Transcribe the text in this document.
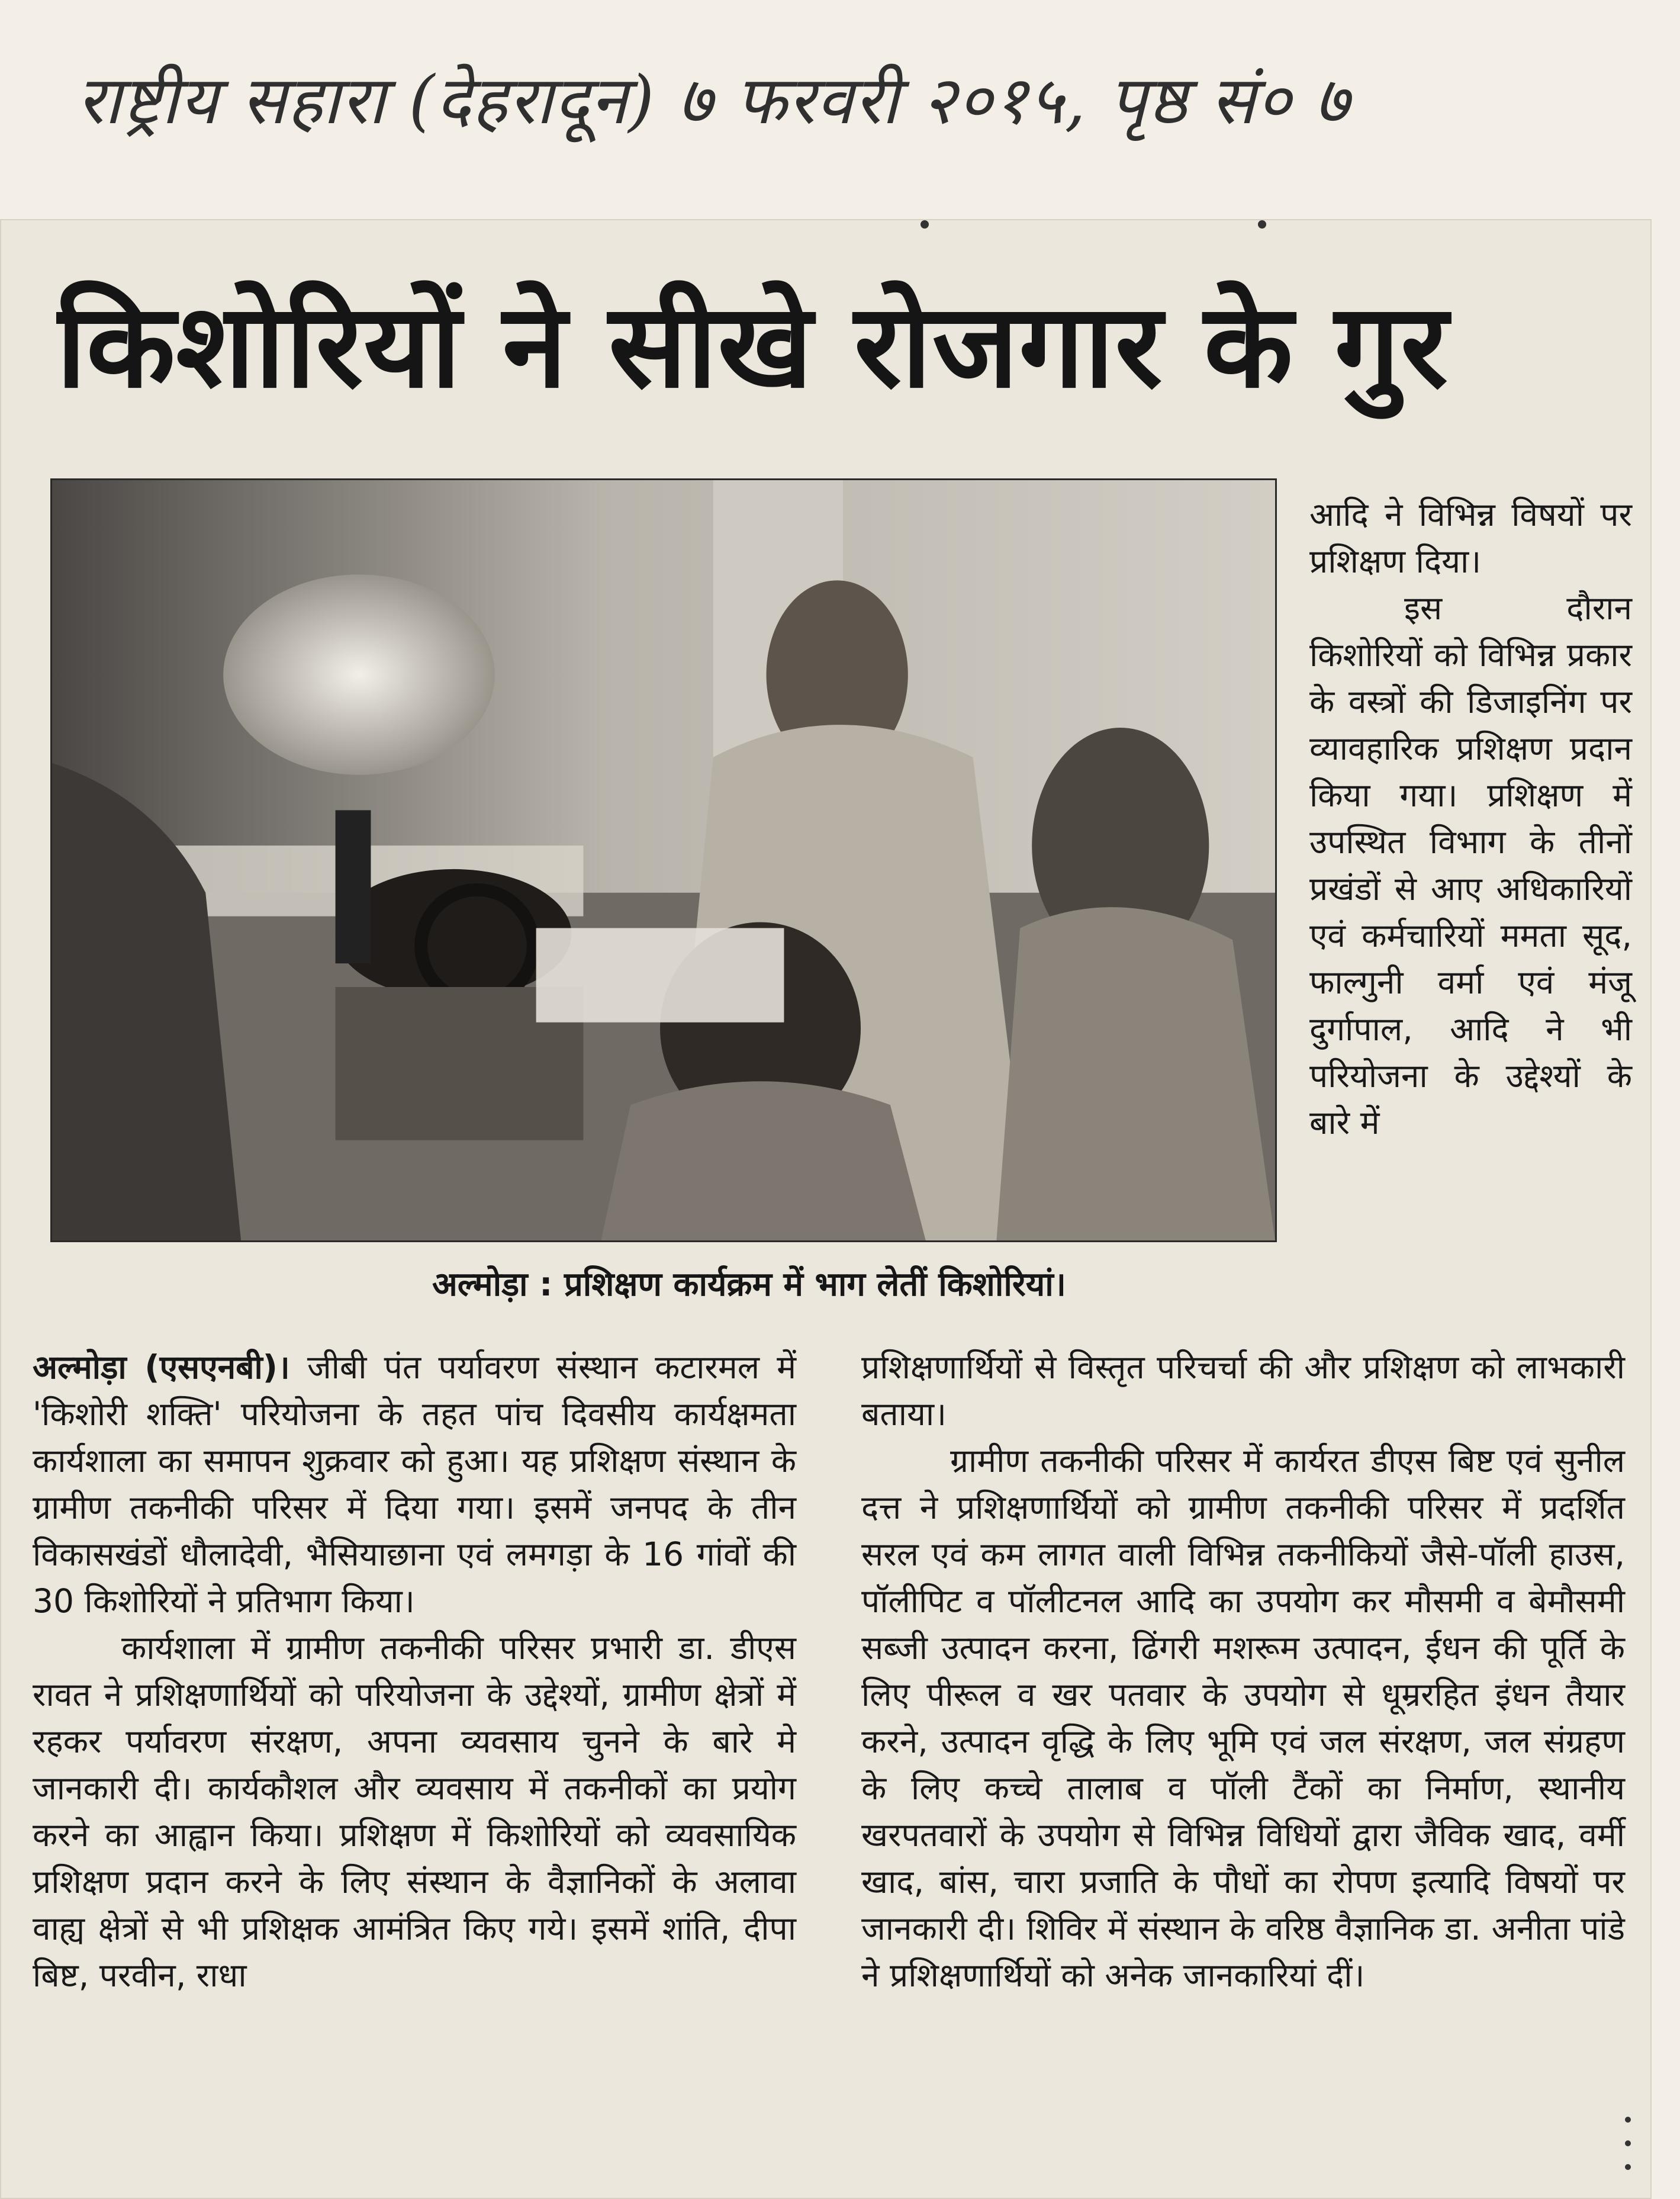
राष्ट्रीय सहारा (देहरादून) ७ फरवरी २०१५, पृष्ठ सं० ७
किशोरियों ने सीखे रोजगार के गुर
अल्मोड़ा : प्रशिक्षण कार्यक्रम में भाग लेतीं किशोरियां।

आदि ने विभिन्न विषयों पर प्रशिक्षण दिया।

इस दौरान किशोरियों को विभिन्न प्रकार के वस्त्रों की डिजाइनिंग पर व्यावहारिक प्रशिक्षण प्रदान किया गया। प्रशिक्षण में उपस्थित विभाग के तीनों प्रखंडों से आए अधिकारियों एवं कर्मचारियों ममता सूद, फाल्गुनी वर्मा एवं मंजू दुर्गापाल, आदि ने भी परियोजना के उद्देश्यों के बारे में

अल्मोड़ा (एसएनबी)। जीबी पंत पर्यावरण संस्थान कटारमल में 'किशोरी शक्ति' परियोजना के तहत पांच दिवसीय कार्यक्षमता कार्यशाला का समापन शुक्रवार को हुआ। यह प्रशिक्षण संस्थान के ग्रामीण तकनीकी परिसर में दिया गया। इसमें जनपद के तीन विकासखंडों धौलादेवी, भैसियाछाना एवं लमगड़ा के 16 गांवों की 30 किशोरियों ने प्रतिभाग किया।

कार्यशाला में ग्रामीण तकनीकी परिसर प्रभारी डा. डीएस रावत ने प्रशिक्षणार्थियों को परियोजना के उद्देश्यों, ग्रामीण क्षेत्रों में रहकर पर्यावरण संरक्षण, अपना व्यवसाय चुनने के बारे मे जानकारी दी। कार्यकौशल और व्यवसाय में तकनीकों का प्रयोग करने का आह्वान किया। प्रशिक्षण में किशोरियों को व्यवसायिक प्रशिक्षण प्रदान करने के लिए संस्थान के वैज्ञानिकों के अलावा वाह्य क्षेत्रों से भी प्रशिक्षक आमंत्रित किए गये। इसमें शांति, दीपा बिष्ट, परवीन, राधा

प्रशिक्षणार्थियों से विस्तृत परिचर्चा की और प्रशिक्षण को लाभकारी बताया।

ग्रामीण तकनीकी परिसर में कार्यरत डीएस बिष्ट एवं सुनील दत्त ने प्रशिक्षणार्थियों को ग्रामीण तकनीकी परिसर में प्रदर्शित सरल एवं कम लागत वाली विभिन्न तकनीकियों जैसे-पॉली हाउस, पॉलीपिट व पॉलीटनल आदि का उपयोग कर मौसमी व बेमौसमी सब्जी उत्पादन करना, ढिंगरी मशरूम उत्पादन, ईधन की पूर्ति के लिए पीरूल व खर पतवार के उपयोग से धूम्ररहित इंधन तैयार करने, उत्पादन वृद्धि के लिए भूमि एवं जल संरक्षण, जल संग्रहण के लिए कच्चे तालाब व पॉली टैंकों का निर्माण, स्थानीय खरपतवारों के उपयोग से विभिन्न विधियों द्वारा जैविक खाद, वर्मी खाद, बांस, चारा प्रजाति के पौधों का रोपण इत्यादि विषयों पर जानकारी दी। शिविर में संस्थान के वरिष्ठ वैज्ञानिक डा. अनीता पांडे ने प्रशिक्षणार्थियों को अनेक जानकारियां दीं।
